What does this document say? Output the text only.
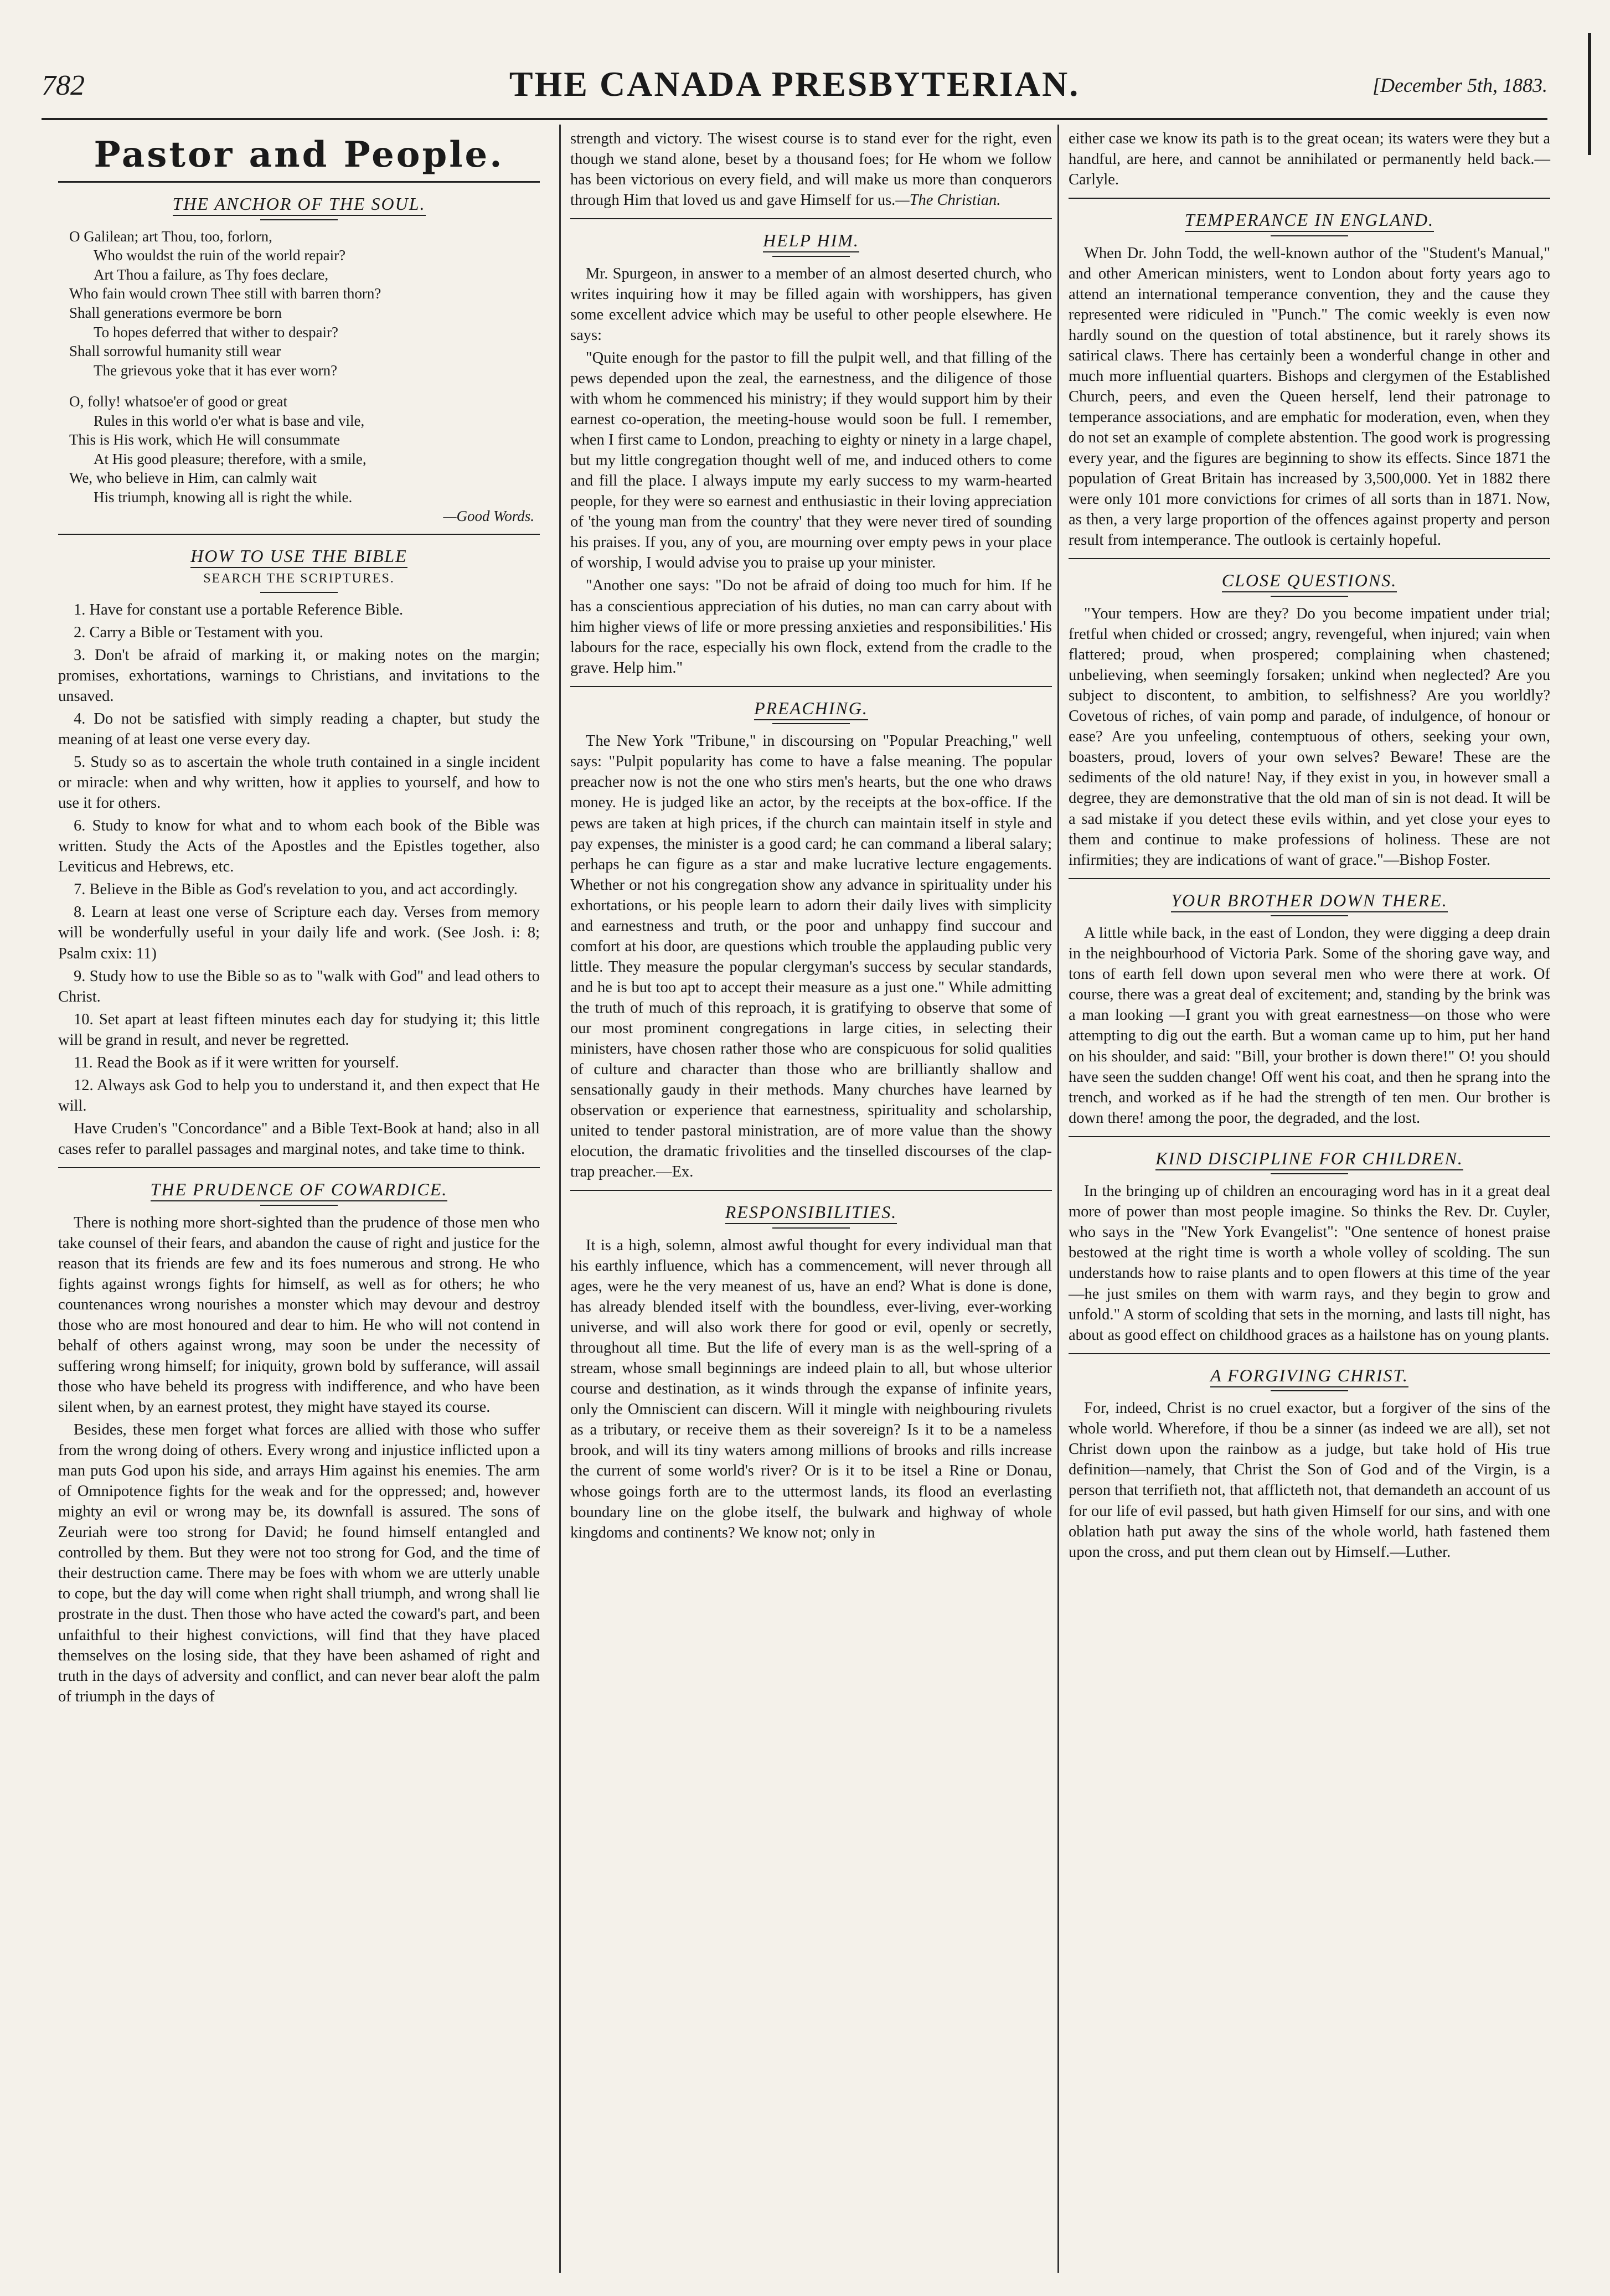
782	THE CANADA PRESBYTERIAN.	[December 5th, 1883.
Pastor and People.
THE ANCHOR OF THE SOUL.
O Galilean; art Thou, too, forlorn,
Who wouldst the ruin of the world repair?
Art Thou a failure, as Thy foes declare,
Who fain would crown Thee still with barren thorn?
Shall generations evermore be born
To hopes deferred that wither to despair?
Shall sorrowful humanity still wear
The grievous yoke that it has ever worn?
O, folly! whatsoe'er of good or great
Rules in this world o'er what is base and vile,
This is His work, which He will consummate
At His good pleasure; therefore, with a smile,
We, who believe in Him, can calmly wait
His triumph, knowing all is right the while.
—Good Words.
HOW TO USE THE BIBLE
SEARCH THE SCRIPTURES.

1. Have for constant use a portable Reference Bible.

2. Carry a Bible or Testament with you.

3. Don't be afraid of marking it, or making notes on the margin; promises, exhortations, warnings to Christians, and invitations to the unsaved.

4. Do not be satisfied with simply reading a chapter, but study the meaning of at least one verse every day.

5. Study so as to ascertain the whole truth contained in a single incident or miracle: when and why written, how it applies to yourself, and how to use it for others.

6. Study to know for what and to whom each book of the Bible was written. Study the Acts of the Apostles and the Epistles together, also Leviticus and Hebrews, etc.

7. Believe in the Bible as God's revelation to you, and act accordingly.

8. Learn at least one verse of Scripture each day. Verses from memory will be wonderfully useful in your daily life and work. (See Josh. i: 8; Psalm cxix: 11)

9. Study how to use the Bible so as to "walk with God" and lead others to Christ.

10. Set apart at least fifteen minutes each day for studying it; this little will be grand in result, and never be regretted.

11. Read the Book as if it were written for yourself.

12. Always ask God to help you to understand it, and then expect that He will.

Have Cruden's "Concordance" and a Bible Text-Book at hand; also in all cases refer to parallel passages and marginal notes, and take time to think.

THE PRUDENCE OF COWARDICE.

There is nothing more short-sighted than the prudence of those men who take counsel of their fears, and abandon the cause of right and justice for the reason that its friends are few and its foes numerous and strong. He who fights against wrongs fights for himself, as well as for others; he who countenances wrong nourishes a monster which may devour and destroy those who are most honoured and dear to him. He who will not contend in behalf of others against wrong, may soon be under the necessity of suffering wrong himself; for iniquity, grown bold by sufferance, will assail those who have beheld its progress with indifference, and who have been silent when, by an earnest protest, they might have stayed its course.

Besides, these men forget what forces are allied with those who suffer from the wrong doing of others. Every wrong and injustice inflicted upon a man puts God upon his side, and arrays Him against his enemies. The arm of Omnipotence fights for the weak and for the oppressed; and, however mighty an evil or wrong may be, its downfall is assured. The sons of Zeuriah were too strong for David; he found himself entangled and controlled by them. But they were not too strong for God, and the time of their destruction came. There may be foes with whom we are utterly unable to cope, but the day will come when right shall triumph, and wrong shall lie prostrate in the dust. Then those who have acted the coward's part, and been unfaithful to their highest convictions, will find that they have placed themselves on the losing side, that they have been ashamed of right and truth in the days of adversity and conflict, and can never bear aloft the palm of triumph in the days of

strength and victory. The wisest course is to stand ever for the right, even though we stand alone, beset by a thousand foes; for He whom we follow has been victorious on every field, and will make us more than conquerors through Him that loved us and gave Himself for us.—The Christian.

HELP HIM.

Mr. Spurgeon, in answer to a member of an almost deserted church, who writes inquiring how it may be filled again with worshippers, has given some excellent advice which may be useful to other people elsewhere. He says:

"Quite enough for the pastor to fill the pulpit well, and that filling of the pews depended upon the zeal, the earnestness, and the diligence of those with whom he commenced his ministry; if they would support him by their earnest co-operation, the meeting-house would soon be full. I remember, when I first came to London, preaching to eighty or ninety in a large chapel, but my little congregation thought well of me, and induced others to come and fill the place. I always impute my early success to my warm-hearted people, for they were so earnest and enthusiastic in their loving appreciation of 'the young man from the country' that they were never tired of sounding his praises. If you, any of you, are mourning over empty pews in your place of worship, I would advise you to praise up your minister.

"Another one says: "Do not be afraid of doing too much for him. If he has a conscientious appreciation of his duties, no man can carry about with him higher views of life or more pressing anxieties and responsibilities.' His labours for the race, especially his own flock, extend from the cradle to the grave. Help him."

PREACHING.

The New York "Tribune," in discoursing on "Popular Preaching," well says: "Pulpit popularity has come to have a false meaning. The popular preacher now is not the one who stirs men's hearts, but the one who draws money. He is judged like an actor, by the receipts at the box-office. If the pews are taken at high prices, if the church can maintain itself in style and pay expenses, the minister is a good card; he can command a liberal salary; perhaps he can figure as a star and make lucrative lecture engagements. Whether or not his congregation show any advance in spirituality under his exhortations, or his people learn to adorn their daily lives with simplicity and earnestness and truth, or the poor and unhappy find succour and comfort at his door, are questions which trouble the applauding public very little. They measure the popular clergyman's success by secular standards, and he is but too apt to accept their measure as a just one." While admitting the truth of much of this reproach, it is gratifying to observe that some of our most prominent congregations in large cities, in selecting their ministers, have chosen rather those who are conspicuous for solid qualities of culture and character than those who are brilliantly shallow and sensationally gaudy in their methods. Many churches have learned by observation or experience that earnestness, spirituality and scholarship, united to tender pastoral ministration, are of more value than the showy elocution, the dramatic frivolities and the tinselled discourses of the clap-trap preacher.—Ex.

RESPONSIBILITIES.

It is a high, solemn, almost awful thought for every individual man that his earthly influence, which has a commencement, will never through all ages, were he the very meanest of us, have an end? What is done is done, has already blended itself with the boundless, ever-living, ever-working universe, and will also work there for good or evil, openly or secretly, throughout all time. But the life of every man is as the well-spring of a stream, whose small beginnings are indeed plain to all, but whose ulterior course and destination, as it winds through the expanse of infinite years, only the Omniscient can discern. Will it mingle with neighbouring rivulets as a tributary, or receive them as their sovereign? Is it to be a nameless brook, and will its tiny waters among millions of brooks and rills increase the current of some world's river? Or is it to be itsel a Rine or Donau, whose goings forth are to the uttermost lands, its flood an everlasting boundary line on the globe itself, the bulwark and highway of whole kingdoms and continents? We know not; only in

either case we know its path is to the great ocean; its waters were they but a handful, are here, and cannot be annihilated or permanently held back.—Carlyle.

TEMPERANCE IN ENGLAND.

When Dr. John Todd, the well-known author of the "Student's Manual," and other American ministers, went to London about forty years ago to attend an international temperance convention, they and the cause they represented were ridiculed in "Punch." The comic weekly is even now hardly sound on the question of total abstinence, but it rarely shows its satirical claws. There has certainly been a wonderful change in other and much more influential quarters. Bishops and clergymen of the Established Church, peers, and even the Queen herself, lend their patronage to temperance associations, and are emphatic for moderation, even, when they do not set an example of complete abstention. The good work is progressing every year, and the figures are beginning to show its effects. Since 1871 the population of Great Britain has increased by 3,500,000. Yet in 1882 there were only 101 more convictions for crimes of all sorts than in 1871. Now, as then, a very large proportion of the offences against property and person result from intemperance. The outlook is certainly hopeful.

CLOSE QUESTIONS.

"Your tempers. How are they? Do you become impatient under trial; fretful when chided or crossed; angry, revengeful, when injured; vain when flattered; proud, when prospered; complaining when chastened; unbelieving, when seemingly forsaken; unkind when neglected? Are you subject to discontent, to ambition, to selfishness? Are you worldly? Covetous of riches, of vain pomp and parade, of indulgence, of honour or ease? Are you unfeeling, contemptuous of others, seeking your own, boasters, proud, lovers of your own selves? Beware! These are the sediments of the old nature! Nay, if they exist in you, in however small a degree, they are demonstrative that the old man of sin is not dead. It will be a sad mistake if you detect these evils within, and yet close your eyes to them and continue to make professions of holiness. These are not infirmities; they are indications of want of grace."—Bishop Foster.

YOUR BROTHER DOWN THERE.

A little while back, in the east of London, they were digging a deep drain in the neighbourhood of Victoria Park. Some of the shoring gave way, and tons of earth fell down upon several men who were there at work. Of course, there was a great deal of excitement; and, standing by the brink was a man looking —I grant you with great earnestness—on those who were attempting to dig out the earth. But a woman came up to him, put her hand on his shoulder, and said: "Bill, your brother is down there!" O! you should have seen the sudden change! Off went his coat, and then he sprang into the trench, and worked as if he had the strength of ten men. Our brother is down there! among the poor, the degraded, and the lost.

KIND DISCIPLINE FOR CHILDREN.

In the bringing up of children an encouraging word has in it a great deal more of power than most people imagine. So thinks the Rev. Dr. Cuyler, who says in the "New York Evangelist": "One sentence of honest praise bestowed at the right time is worth a whole volley of scolding. The sun understands how to raise plants and to open flowers at this time of the year—he just smiles on them with warm rays, and they begin to grow and unfold." A storm of scolding that sets in the morning, and lasts till night, has about as good effect on childhood graces as a hailstone has on young plants.

A FORGIVING CHRIST.

For, indeed, Christ is no cruel exactor, but a forgiver of the sins of the whole world. Wherefore, if thou be a sinner (as indeed we are all), set not Christ down upon the rainbow as a judge, but take hold of His true definition—namely, that Christ the Son of God and of the Virgin, is a person that terrifieth not, that afflicteth not, that demandeth an account of us for our life of evil passed, but hath given Himself for our sins, and with one oblation hath put away the sins of the whole world, hath fastened them upon the cross, and put them clean out by Himself.—Luther.
